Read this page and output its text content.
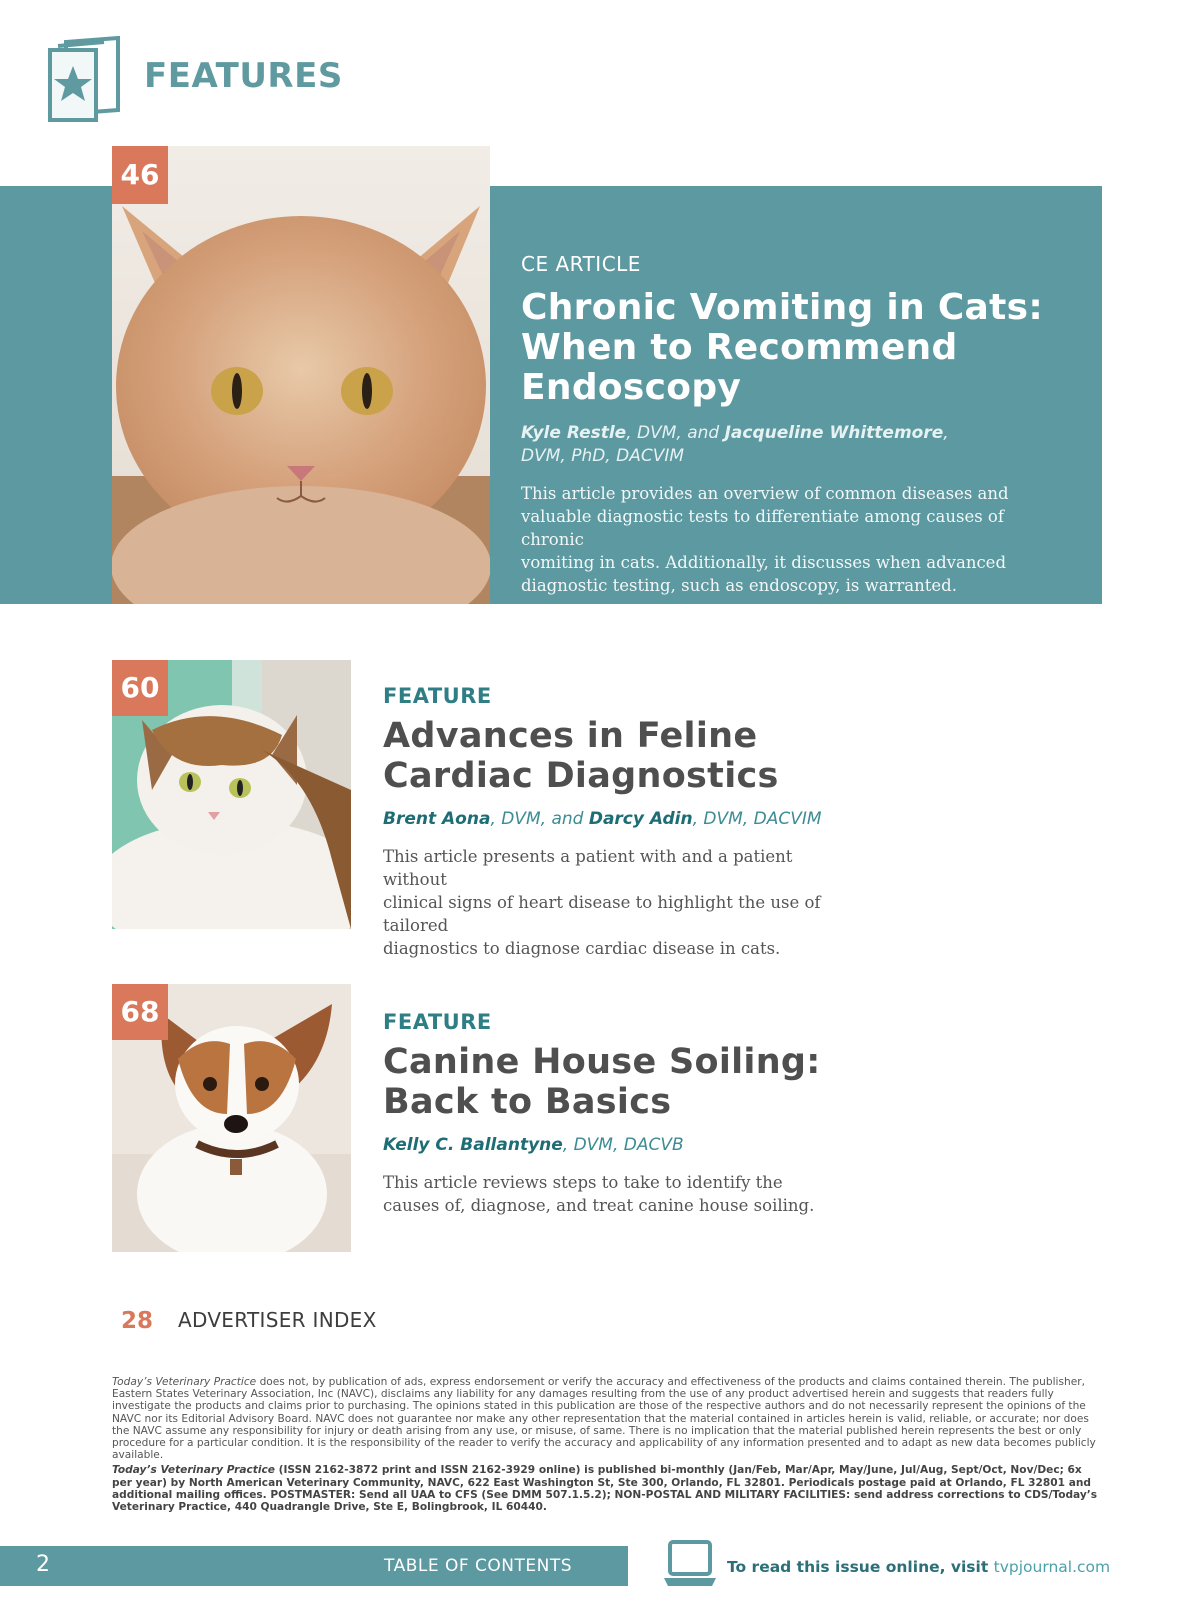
FEATURES
46
CE ARTICLE
Chronic Vomiting in Cats:
When to Recommend
Endoscopy
Kyle Restle, DVM, and Jacqueline Whittemore,
DVM, PhD, DACVIM
This article provides an overview of common diseases and
valuable diagnostic tests to differentiate among causes of chronic
vomiting in cats. Additionally, it discusses when advanced
diagnostic testing, such as endoscopy, is warranted.
60	FEATURE
Advances in Feline
Cardiac Diagnostics
Brent Aona, DVM, and Darcy Adin, DVM, DACVIM
This article presents a patient with and a patient without
clinical signs of heart disease to highlight the use of tailored
diagnostics to diagnose cardiac disease in cats.
68	FEATURE
Canine House Soiling:
Back to Basics
Kelly C. Ballantyne, DVM, DACVB
This article reviews steps to take to identify the
causes of, diagnose, and treat canine house soiling.
28 ADVERTISER INDEX
Today’s Veterinary Practice does not, by publication of ads, express endorsement or verify the accuracy and effectiveness of the products and claims contained therein. The publisher, Eastern States Veterinary Association, Inc (NAVC), disclaims any liability for any damages resulting from the use of any product advertised herein and suggests that readers fully investigate the products and claims prior to purchasing. The opinions stated in this publication are those of the respective authors and do not necessarily represent the opinions of the NAVC nor its Editorial Advisory Board. NAVC does not guarantee nor make any other representation that the material contained in articles herein is valid, reliable, or accurate; nor does the NAVC assume any responsibility for injury or death arising from any use, or misuse, of same. There is no implication that the material published herein represents the best or only procedure for a particular condition. It is the responsibility of the reader to verify the accuracy and applicability of any information presented and to adapt as new data becomes publicly available.
Today’s Veterinary Practice (ISSN 2162-3872 print and ISSN 2162-3929 online) is published bi-monthly (Jan/Feb, Mar/Apr, May/June, Jul/Aug, Sept/Oct, Nov/Dec; 6x per year) by North American Veterinary Community, NAVC, 622 East Washington St, Ste 300, Orlando, FL 32801. Periodicals postage paid at Orlando, FL 32801 and additional mailing offices. POSTMASTER: Send all UAA to CFS (See DMM 507.1.5.2); NON-POSTAL AND MILITARY FACILITIES: send address corrections to CDS/Today’s Veterinary Practice, 440 Quadrangle Drive, Ste E, Bolingbrook, IL 60440.
2	TABLE OF CONTENTS	To read this issue online, visit tvpjournal.com
